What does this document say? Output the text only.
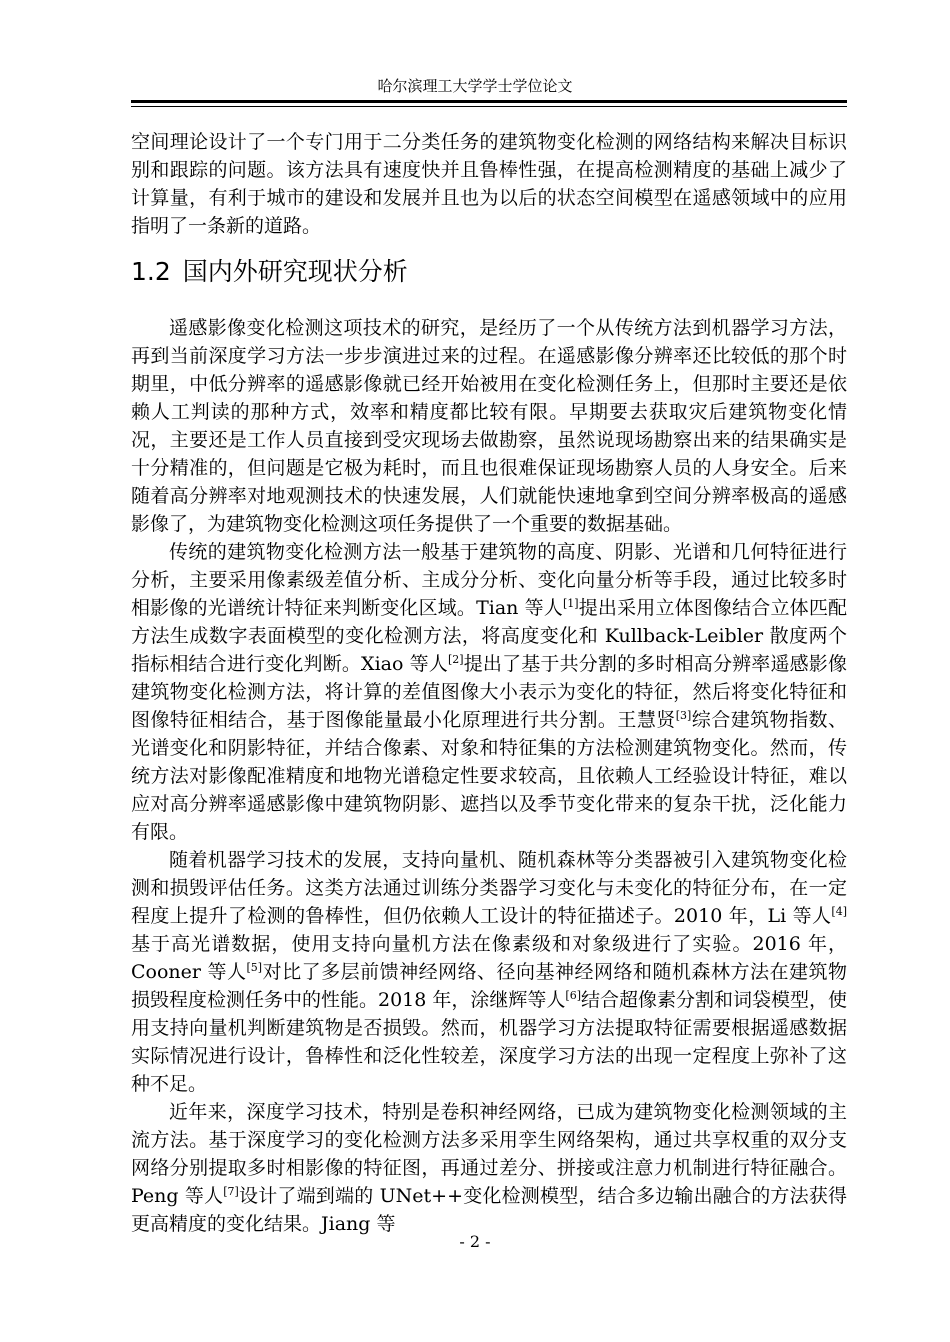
哈尔滨理工大学学士学位论文

空间理论设计了一个专门用于二分类任务的建筑物变化检测的网络结构来解决目标识别和跟踪的问题。该方法具有速度快并且鲁棒性强，在提高检测精度的基础上减少了计算量，有利于城市的建设和发展并且也为以后的状态空间模型在遥感领域中的应用指明了一条新的道路。

1.2 国内外研究现状分析

遥感影像变化检测这项技术的研究，是经历了一个从传统方法到机器学习方法，再到当前深度学习方法一步步演进过来的过程。在遥感影像分辨率还比较低的那个时期里，中低分辨率的遥感影像就已经开始被用在变化检测任务上，但那时主要还是依赖人工判读的那种方式，效率和精度都比较有限。早期要去获取灾后建筑物变化情况，主要还是工作人员直接到受灾现场去做勘察，虽然说现场勘察出来的结果确实是十分精准的，但问题是它极为耗时，而且也很难保证现场勘察人员的人身安全。后来随着高分辨率对地观测技术的快速发展，人们就能快速地拿到空间分辨率极高的遥感影像了，为建筑物变化检测这项任务提供了一个重要的数据基础。

传统的建筑物变化检测方法一般基于建筑物的高度、阴影、光谱和几何特征进行分析，主要采用像素级差值分析、主成分分析、变化向量分析等手段，通过比较多时相影像的光谱统计特征来判断变化区域。Tian 等人[1]提出采用立体图像结合立体匹配方法生成数字表面模型的变化检测方法，将高度变化和 Kullback-Leibler 散度两个指标相结合进行变化判断。Xiao 等人[2]提出了基于共分割的多时相高分辨率遥感影像建筑物变化检测方法，将计算的差值图像大小表示为变化的特征，然后将变化特征和图像特征相结合，基于图像能量最小化原理进行共分割。王慧贤[3]综合建筑物指数、光谱变化和阴影特征，并结合像素、对象和特征集的方法检测建筑物变化。然而，传统方法对影像配准精度和地物光谱稳定性要求较高，且依赖人工经验设计特征，难以应对高分辨率遥感影像中建筑物阴影、遮挡以及季节变化带来的复杂干扰，泛化能力有限。

随着机器学习技术的发展，支持向量机、随机森林等分类器被引入建筑物变化检测和损毁评估任务。这类方法通过训练分类器学习变化与未变化的特征分布，在一定程度上提升了检测的鲁棒性，但仍依赖人工设计的特征描述子。2010 年，Li 等人[4]基于高光谱数据，使用支持向量机方法在像素级和对象级进行了实验。2016 年，Cooner 等人[5]对比了多层前馈神经网络、径向基神经网络和随机森林方法在建筑物损毁程度检测任务中的性能。2018 年，涂继辉等人[6]结合超像素分割和词袋模型，使用支持向量机判断建筑物是否损毁。然而，机器学习方法提取特征需要根据遥感数据实际情况进行设计，鲁棒性和泛化性较差，深度学习方法的出现一定程度上弥补了这种不足。

近年来，深度学习技术，特别是卷积神经网络，已成为建筑物变化检测领域的主流方法。基于深度学习的变化检测方法多采用孪生网络架构，通过共享权重的双分支网络分别提取多时相影像的特征图，再通过差分、拼接或注意力机制进行特征融合。Peng 等人[7]设计了端到端的 UNet++变化检测模型，结合多边输出融合的方法获得更高精度的变化结果。Jiang 等

- 2 -
